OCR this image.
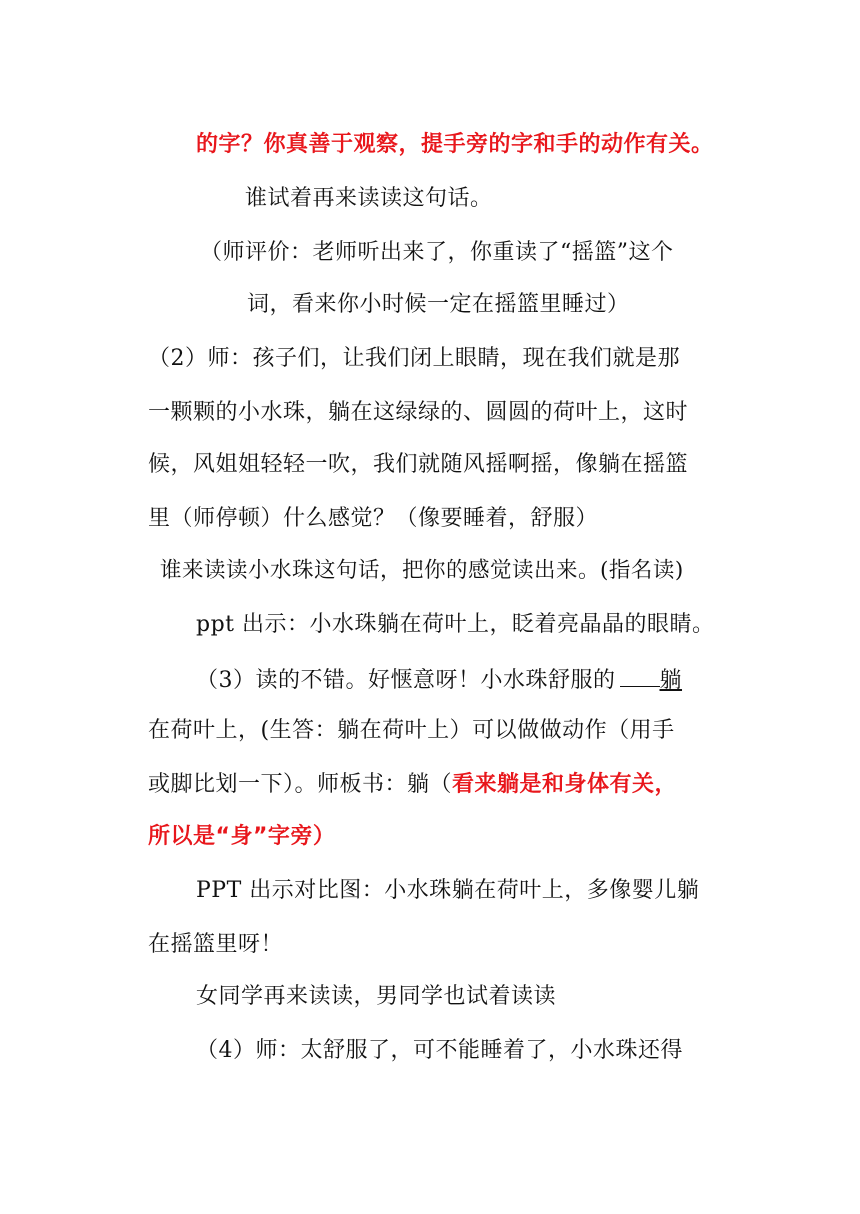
的字？你真善于观察，提手旁的字和手的动作有关。
谁试着再来读读这句话。
（师评价：老师听出来了，你重读了“摇篮”这个
词，看来你小时候一定在摇篮里睡过）
（2）师：孩子们，让我们闭上眼睛，现在我们就是那
一颗颗的小水珠，躺在这绿绿的、圆圆的荷叶上，这时
候，风姐姐轻轻一吹，我们就随风摇啊摇，像躺在摇篮
里（师停顿）什么感觉？（像要睡着，舒服）
谁来读读小水珠这句话，把你的感觉读出来。(指名读)
ppt 出示：小水珠躺在荷叶上，眨着亮晶晶的眼睛。
（3）读的不错。好惬意呀！小水珠舒服的 躺
在荷叶上，(生答：躺在荷叶上）可以做做动作（用手
或脚比划一下）。师板书：躺（看来躺是和身体有关，
所以是“身”字旁）
PPT 出示对比图：小水珠躺在荷叶上，多像婴儿躺
在摇篮里呀！
女同学再来读读，男同学也试着读读
（4）师：太舒服了，可不能睡着了，小水珠还得
